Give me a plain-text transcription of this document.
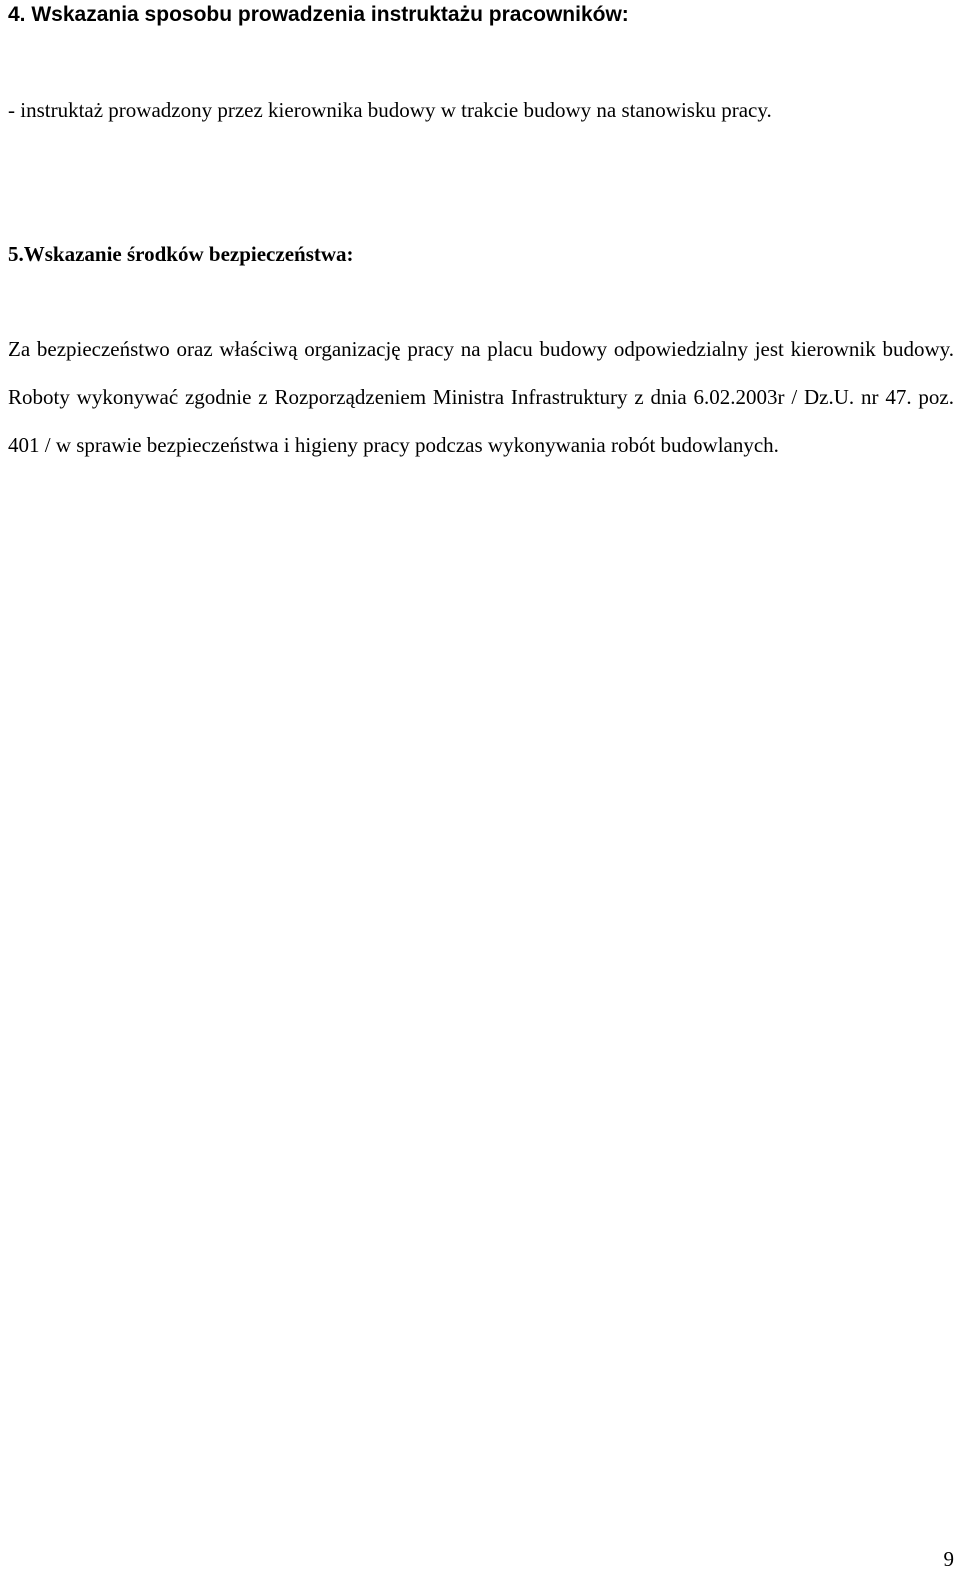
4. Wskazania sposobu prowadzenia instruktażu pracowników:

- instruktaż prowadzony przez kierownika budowy w trakcie budowy na stanowisku pracy.

5.Wskazanie środków bezpieczeństwa:

Za bezpieczeństwo oraz właściwą organizację pracy na placu budowy odpowiedzialny jest kierownik budowy. Roboty wykonywać zgodnie z Rozporządzeniem Ministra Infrastruktury z dnia 6.02.2003r / Dz.U. nr 47. poz. 401 / w sprawie bezpieczeństwa i higieny pracy podczas wykonywania robót budowlanych.

9
